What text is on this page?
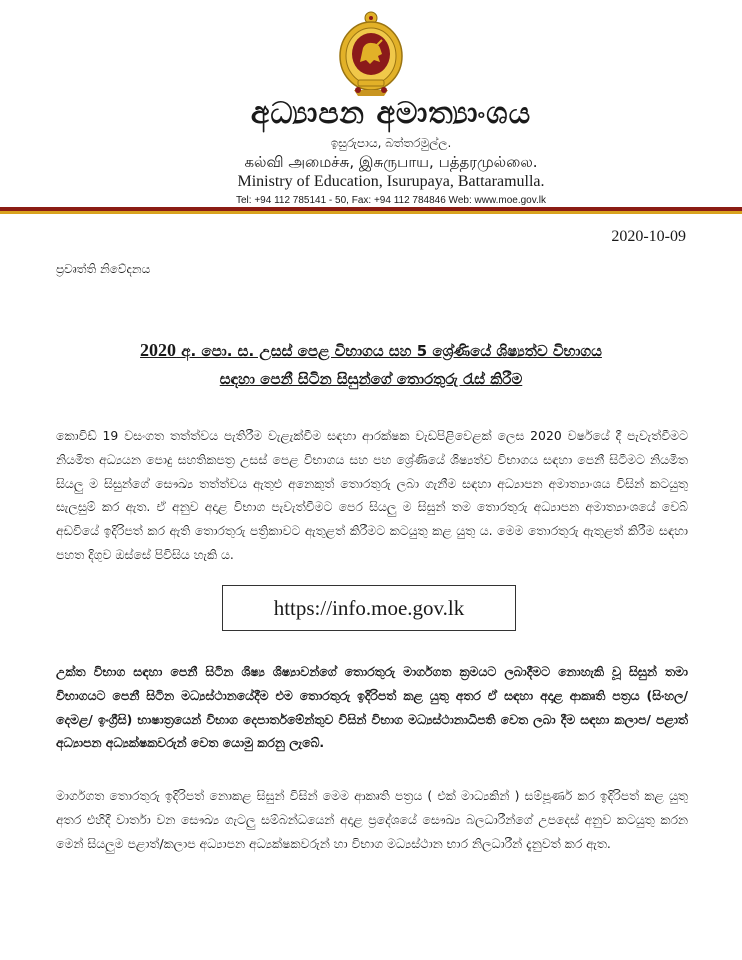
අධ්‍යාපන අමාත්‍යාංශය
ඉසුරුපාය, බත්තරමුල්ල.
கல்வி அமைச்சு, இசுருபாய, பத்தரமுல்லை.
Ministry of Education, Isurupaya, Battaramulla.
Tel: +94 112 785141 - 50, Fax: +94 112 784846 Web: www.moe.gov.lk
2020-10-09
ප්‍රවෘත්ති නිවේදනය
2020 අ. පො. ස. උසස් පෙළ විභාගය සහ 5 ශ්‍රේණියේ ශිෂ්‍යත්ව විභාගය
සඳහා පෙනී සිටින සිසුන්ගේ තොරතුරු රැස් කිරීම
කොවිඩ් 19 වසංගත තත්ත්වය පැතිරීම වැළැක්වීම සඳහා ආරක්ෂක වැඩපිළිවෙළක් ලෙස 2020 වර්ෂයේ දී පැවැත්වීමට නියමිත අධ්‍යයන පොදු සහතිකපත්‍ර උසස් පෙළ විභාගය සහ පහ ශ්‍රේණියේ ශිෂ්‍යත්ව විභාගය සඳහා පෙනී සිටීමට නියමිත සියලු ම සිසුන්ගේ සෞඛ්‍ය තත්ත්වය ඇතුළු අනෙකුත් තොරතුරු ලබා ගැනීම සඳහා අධ්‍යාපන අමාත්‍යාංශය විසින් කටයුතු සැලසුම් කර ඇත. ඒ අනුව අදාළ විභාග පැවැත්වීමට පෙර සියලු ම සිසුන් තම තොරතුරු අධ්‍යාපන අමාත්‍යාංශයේ වෙබ් අඩවියේ ඉදිරිපත් කර ඇති තොරතුරු පත්‍රිකාවට ඇතුළත් කිරීමට කටයුතු කළ යුතු ය. මෙම තොරතුරු ඇතුළත් කිරීම සඳහා පහත දිගුව ඔස්සේ පිවිසිය හැකි ය.
https://info.moe.gov.lk
උක්ත විභාග සඳහා පෙනී සිටින ශිෂ්‍ය ශිෂ්‍යාවන්ගේ තොරතුරු මාර්ගගත ක්‍රමයට ලබාදීමට නොහැකි වූ සිසුන් තමා විභාගයට පෙනී සිටින මධ්‍යස්ථානයේදීම එම තොරතුරු ඉදිරිපත් කළ යුතු අතර ඒ සඳහා අදාළ ආකෘති පත්‍රය (සිංහල/ දෙමළ/ ඉංග්‍රීසි) භාෂාත්‍රයෙන් විභාග දෙපාර්තමේන්තුව විසින් විභාග මධ්‍යස්ථානාධිපති වෙත ලබා දීම සඳහා කලාප/ පළාත් අධ්‍යාපන අධ්‍යක්ෂකවරුන් වෙත යොමු කරනු ලැබේ.
මාර්ගගත තොරතුරු ඉදිරිපත් නොකළ සිසුන් විසින් මෙම ආකෘති පත්‍රය ( එක් මාධ්‍යකින් ) සම්පූර්ණ කර ඉදිරිපත් කළ යුතු අතර එහිදී වාර්තා වන සෞඛ්‍ය ගැටලු සම්බන්ධයෙන් අදාළ ප්‍රදේශයේ සෞඛ්‍ය බලධාරීන්ගේ උපදෙස් අනුව කටයුතු කරන මෙන් සියලුම පළාත්/කලාප අධ්‍යාපන අධ්‍යක්ෂකවරුන් හා විභාග මධ්‍යස්ථාන භාර නිලධාරීන් දැනුවත් කර ඇත.
